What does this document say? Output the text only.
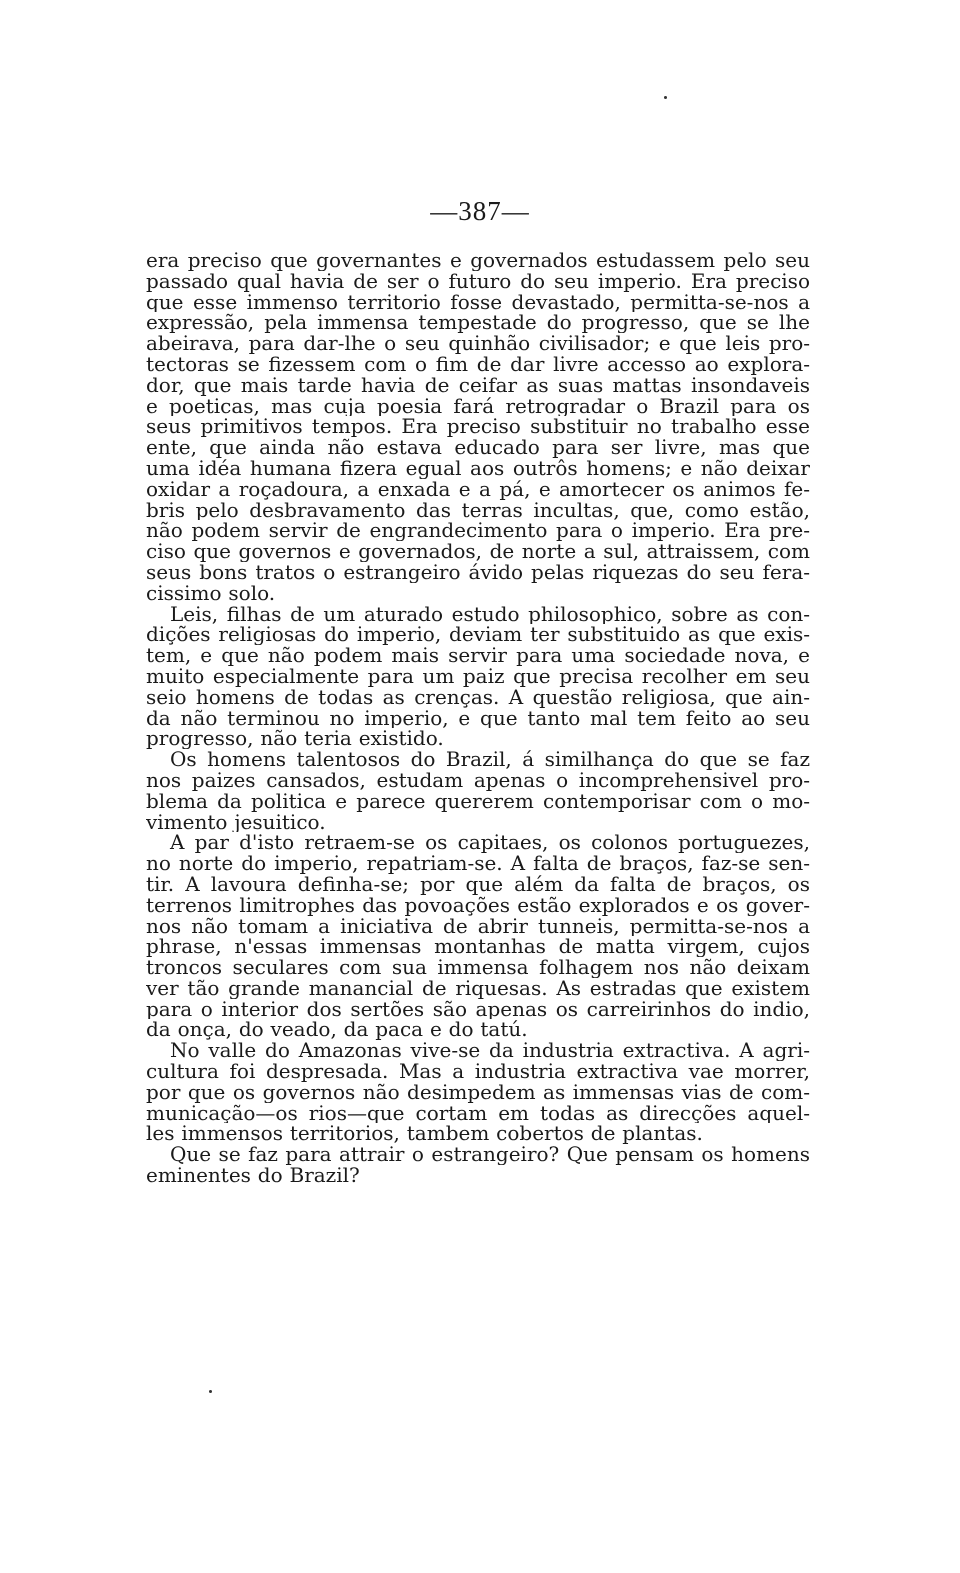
—387—

era preciso que governantes e governados estudassem pelo seu
passado qual havia de ser o futuro do seu imperio. Era preciso
que esse immenso territorio fosse devastado, permitta-se-nos a
expressão, pela immensa tempestade do progresso, que se lhe
abeirava, para dar-lhe o seu quinhão civilisador; e que leis pro-
tectoras se fizessem com o fim de dar livre accesso ao explora-
dor, que mais tarde havia de ceifar as suas mattas insondaveis
e poeticas, mas cuja poesia fará retrogradar o Brazil para os
seus primitivos tempos. Era preciso substituir no trabalho esse
ente, que ainda não estava educado para ser livre, mas que
uma idéa humana fizera egual aos outrôs homens; e não deixar
oxidar a roçadoura, a enxada e a pá, e amortecer os animos fe-
bris pelo desbravamento das terras incultas, que, como estão,
não podem servir de engrandecimento para o imperio. Era pre-
ciso que governos e governados, de norte a sul, attraissem, com
seus bons tratos o estrangeiro ávido pelas riquezas do seu fera-
cissimo solo.

Leis, filhas de um aturado estudo philosophico, sobre as con-
dições religiosas do imperio, deviam ter substituido as que exis-
tem, e que não podem mais servir para uma sociedade nova, e
muito especialmente para um paiz que precisa recolher em seu
seio homens de todas as crenças. A questão religiosa, que ain-
da não terminou no imperio, e que tanto mal tem feito ao seu
progresso, não teria existido.

Os homens talentosos do Brazil, á similhança do que se faz
nos paizes cansados, estudam apenas o incomprehensivel pro-
blema da politica e parece quererem contemporisar com o mo-
vimento jesuitico.

A par d'isto retraem-se os capitaes, os colonos portuguezes,
no norte do imperio, repatriam-se. A falta de braços, faz-se sen-
tir. A lavoura definha-se; por que além da falta de braços, os
terrenos limitrophes das povoações estão explorados e os gover-
nos não tomam a iniciativa de abrir tunneis, permitta-se-nos a
phrase, n'essas immensas montanhas de matta virgem, cujos
troncos seculares com sua immensa folhagem nos não deixam
ver tão grande manancial de riquesas. As estradas que existem
para o interior dos sertões são apenas os carreirinhos do indio,
da onça, do veado, da paca e do tatú.

No valle do Amazonas vive-se da industria extractiva. A agri-
cultura foi despresada. Mas a industria extractiva vae morrer,
por que os governos não desimpedem as immensas vias de com-
municação—os rios—que cortam em todas as direcções aquel-
les immensos territorios, tambem cobertos de plantas.

Que se faz para attrair o estrangeiro? Que pensam os homens
eminentes do Brazil?
